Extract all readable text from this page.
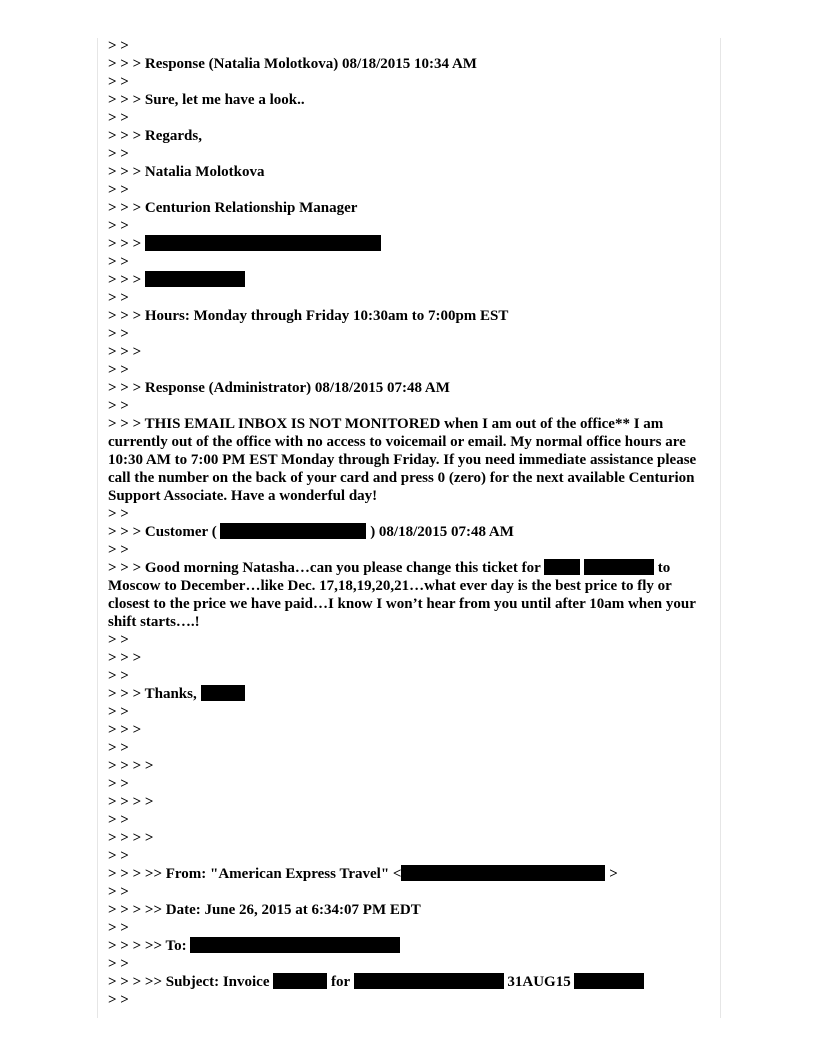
> >
> > > Response (Natalia Molotkova) 08/18/2015 10:34 AM
> >
> > > Sure, let me have a look..
> >
> > > Regards,
> >
> > > Natalia Molotkova
> >
> > > Centurion Relationship Manager
> >
> > >
> >
> > >
> >
> > > Hours: Monday through Friday 10:30am to 7:00pm EST
> >
> > >
> >
> > > Response (Administrator) 08/18/2015 07:48 AM
> >
> > > THIS EMAIL INBOX IS NOT MONITORED when I am out of the office** I am currently out of the office with no access to voicemail or email. My normal office hours are 10:30 AM to 7:00 PM EST Monday through Friday. If you need immediate assistance please call the number on the back of your card and press 0 (zero) for the next available Centurion Support Associate. Have a wonderful day!
> >
> > > Customer (	) 08/18/2015 07:48 AM
> >
> > > Good morning Natasha…can you please change this ticket for	to Moscow to December…like Dec. 17,18,19,20,21…what ever day is the best price to fly or closest to the price we have paid…I know I won’t hear from you until after 10am when your shift starts….!
> >
> > >
> >
> > > Thanks,
> >
> > >
> >
> > > >
> >
> > > >
> >
> > > >
> >
> > > >> From: "American Express Travel" <	>
> >
> > > >> Date: June 26, 2015 at 6:34:07 PM EDT
> >
> > > >> To:
> >
> > > >> Subject: Invoice	for	31AUG15
> >
